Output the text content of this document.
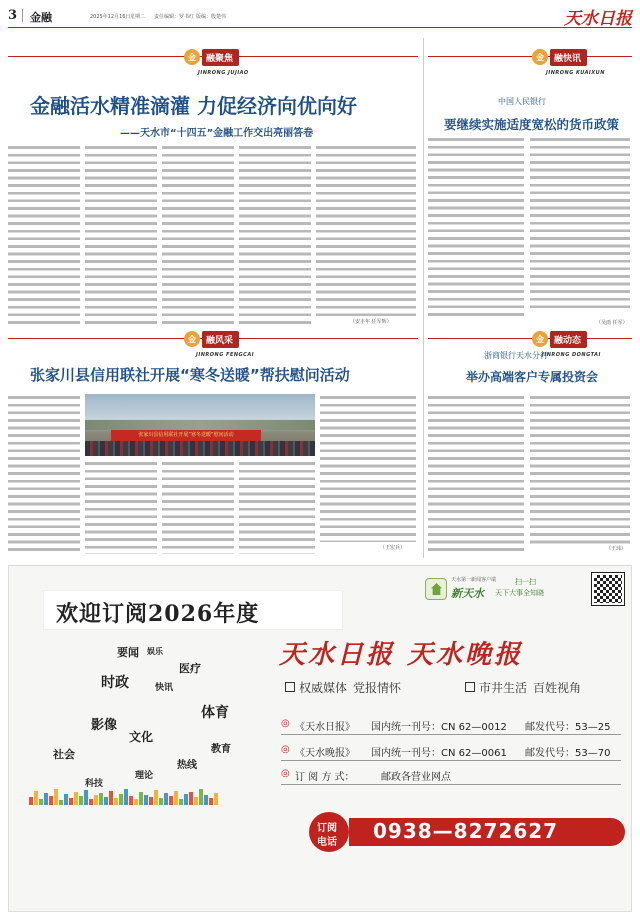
3 金融	2025年12月16日 星期二 责任编辑：罗书红 版编：殷楚伟	天水日报
金	融聚焦
JINRONG JUJIAO
金融活水精准滴灌 力促经济向优向好
——天水市“十四五”金融工作交出亮丽答卷
（安丰年 任军辉）
金	融快讯
JINRONG KUAIXUN
中国人民银行
要继续实施适度宽松的货币政策
（吴雨 任军）
金	融风采
JINRONG FENGCAI
张家川县信用联社开展“寒冬送暖”帮扶慰问活动
张家川县信用联社开展“寒冬送暖”慰问活动
（王宏兵）
金	融动态
JINRONG DONGTAI
浙商银行天水分行
举办高端客户专属投资会
（王玮）
欢迎订阅2026年度
天水第一新闻客户端
新天水
扫一扫
天下大事全知晓
天水日报 天水晚报
权威媒体 党报情怀	市井生活 百姓视角
要闻
时政	快讯
医疗
影像
体育
社会
文化
热线
理论
教育
科技
娱乐
◎ 《天水日报》 国内统一刊号：CN 62—0012 邮发代号：53—25
◎ 《天水晚报》 国内统一刊号：CN 62—0061 邮发代号：53—70
◎ 订 阅 方 式：	邮政各营业网点
订阅
电话 0938—8272627
